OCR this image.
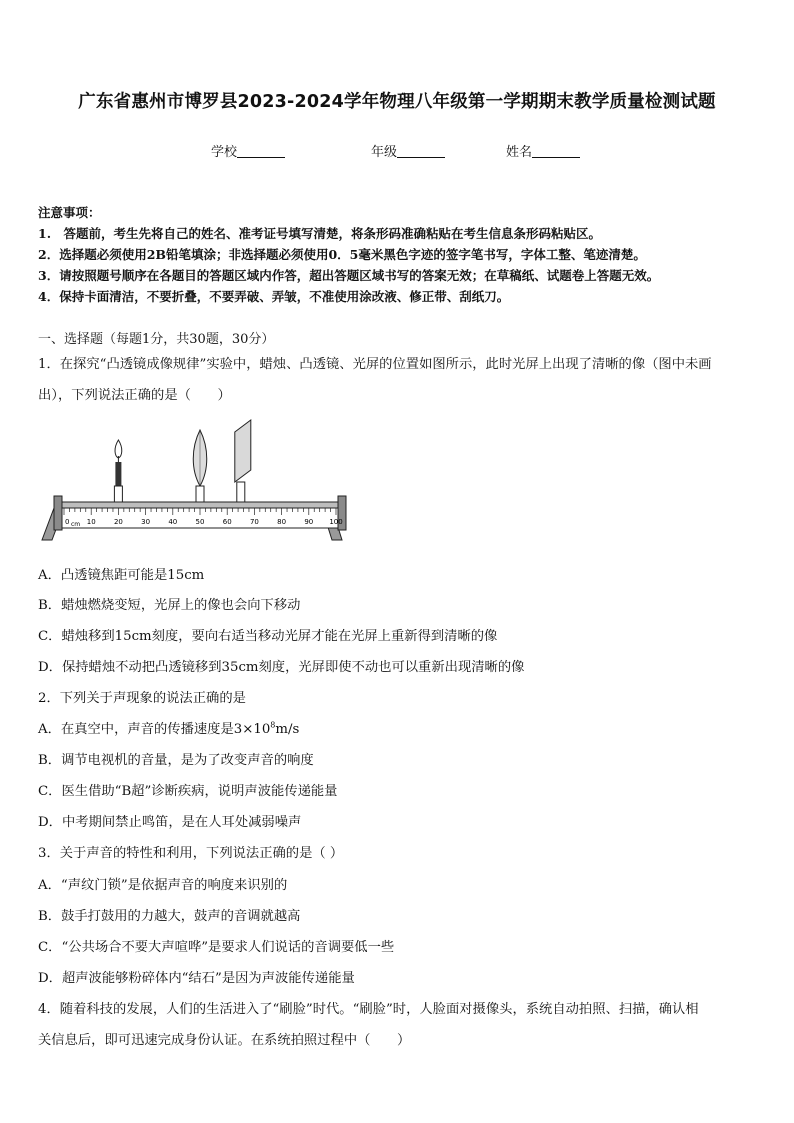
广东省惠州市博罗县2023-2024学年物理八年级第一学期期末教学质量检测试题
学校	年级	姓名
注意事项：
1.　答题前，考生先将自己的姓名、准考证号填写清楚，将条形码准确粘贴在考生信息条形码粘贴区。
2．选择题必须使用2B铅笔填涂；非选择题必须使用0．5毫米黑色字迹的签字笔书写，字体工整、笔迹清楚。
3．请按照题号顺序在各题目的答题区域内作答，超出答题区域书写的答案无效；在草稿纸、试题卷上答题无效。
4．保持卡面清洁，不要折叠，不要弄破、弄皱，不准使用涂改液、修正带、刮纸刀。
一、选择题（每题1分，共30题，30分）
1．在探究“凸透镜成像规律”实验中，蜡烛、凸透镜、光屏的位置如图所示，此时光屏上出现了清晰的像（图中未画
出），下列说法正确的是（　　）
0 10	20	30	40	50	60	70	80	90 100
cm
A．凸透镜焦距可能是15cm
B．蜡烛燃烧变短，光屏上的像也会向下移动
C．蜡烛移到15cm刻度，要向右适当移动光屏才能在光屏上重新得到清晰的像
D．保持蜡烛不动把凸透镜移到35cm刻度，光屏即使不动也可以重新出现清晰的像
2．下列关于声现象的说法正确的是
A．在真空中，声音的传播速度是$3\times 10^8m/s$
B．调节电视机的音量，是为了改变声音的响度
C．医生借助“B超”诊断疾病，说明声波能传递能量
D．中考期间禁止鸣笛，是在人耳处减弱噪声
3．关于声音的特性和利用，下列说法正确的是（ ）
A．“声纹门锁”是依据声音的响度来识别的
B．鼓手打鼓用的力越大，鼓声的音调就越高
C．“公共场合不要大声喧哗”是要求人们说话的音调要低一些
D．超声波能够粉碎体内“结石”是因为声波能传递能量
4．随着科技的发展，人们的生活进入了“刷脸”时代。“刷脸”时，人脸面对摄像头，系统自动拍照、扫描，确认相
关信息后，即可迅速完成身份认证。在系统拍照过程中（　　）
